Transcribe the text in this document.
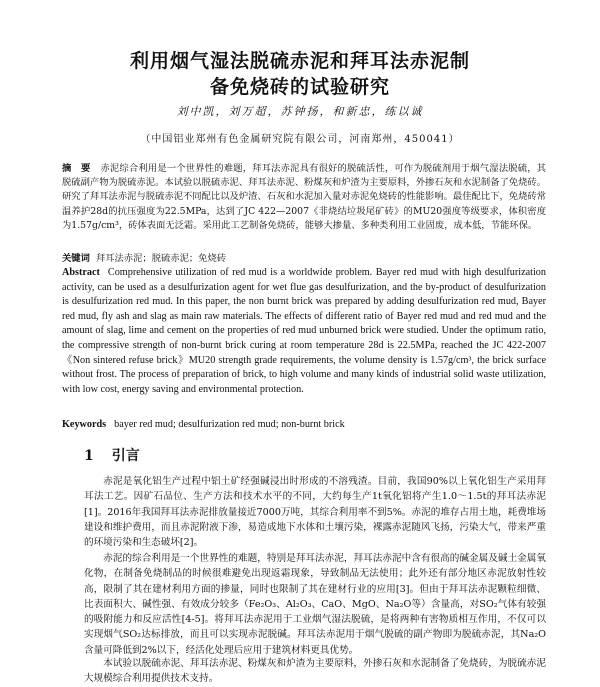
利用烟气湿法脱硫赤泥和拜耳法赤泥制
备免烧砖的试验研究
刘中凯，刘万超，苏钟扬，和新忠，练以诚
（中国铝业郑州有色金属研究院有限公司，河南郑州，450041）
摘　要 赤泥综合利用是一个世界性的难题，拜耳法赤泥具有很好的脱硫活性，可作为脱硫剂用于烟气湿法脱硫，其脱硫副产物为脱硫赤泥。本试验以脱硫赤泥、拜耳法赤泥、粉煤灰和炉渣为主要原料，外掺石灰和水泥制备了免烧砖。研究了拜耳法赤泥与脱硫赤泥不同配比以及炉渣、石灰和水泥加入量对赤泥免烧砖的性能影响。最佳配比下，免烧砖常温养护28d的抗压强度为22.5MPa，达到了JC 422—2007《非烧结垃圾尾矿砖》的MU20强度等级要求，体积密度为1.57g/cm³，砖体表面无泛霜。采用此工艺制备免烧砖，能够大掺量、多种类利用工业固废，成本低，节能环保。
关键词 拜耳法赤泥；脱硫赤泥；免烧砖
Abstract Comprehensive utilization of red mud is a worldwide problem. Bayer red mud with high desulfurization activity, can be used as a desulfurization agent for wet flue gas desulfurization, and the by-product of desulfurization is desulfurization red mud. In this paper, the non burnt brick was prepared by adding desulfurization red mud, Bayer red mud, fly ash and slag as main raw materials. The effects of different ratio of Bayer red mud and red mud and the amount of slag, lime and cement on the properties of red mud unburned brick were studied. Under the optimum ratio, the compressive strength of non-burnt brick curing at room temperature 28d is 22.5MPa, reached the JC 422-2007《Non sintered refuse brick》MU20 strength grade requirements, the volume density is 1.57g/cm³, the brick surface without frost. The process of preparation of brick, to high volume and many kinds of industrial solid waste utilization, with low cost, energy saving and environmental protection.
Keywords bayer red mud; desulfurization red mud; non-burnt brick
1 引言
赤泥是氧化铝生产过程中铝土矿经强碱浸出时形成的不溶残渣。目前，我国90%以上氧化铝生产采用拜耳法工艺。因矿石品位、生产方法和技术水平的不同，大约每生产1t氧化铝将产生1.0～1.5t的拜耳法赤泥[1]。2016年我国拜耳法赤泥排放量接近7000万吨，其综合利用率不到5%。赤泥的堆存占用土地，耗费堆场建设和维护费用，而且赤泥附液下渗，易造成地下水体和土壤污染，裸露赤泥随风飞扬，污染大气，带来严重的环境污染和生态破坏[2]。
赤泥的综合利用是一个世界性的难题，特别是拜耳法赤泥，拜耳法赤泥中含有很高的碱金属及碱土金属氧化物，在制备免烧制品的时候很难避免出现返霜现象，导致制品无法使用；此外还有部分地区赤泥放射性较高，限制了其在建材利用方面的掺量，同时也限制了其在建材行业的应用[3]。但由于拜耳法赤泥颗粒细微、比表面积大、碱性强、有效成分较多（Fe₂O₃、Al₂O₃、CaO、MgO、Na₂O等）含量高，对SO₂气体有较强的吸附能力和反应活性[4-5]。将拜耳法赤泥用于工业烟气湿法脱硫，是将两种有害物质相互作用，不仅可以实现烟气SO₂达标排放，而且可以实现赤泥脱碱。拜耳法赤泥用于烟气脱硫的副产物即为脱硫赤泥，其Na₂O含量可降低到2%以下，经活化处理后应用于建筑材料更具优势。
本试验以脱硫赤泥、拜耳法赤泥、粉煤灰和炉渣为主要原料，外掺石灰和水泥制备了免烧砖，为脱硫赤泥大规模综合利用提供技术支持。
